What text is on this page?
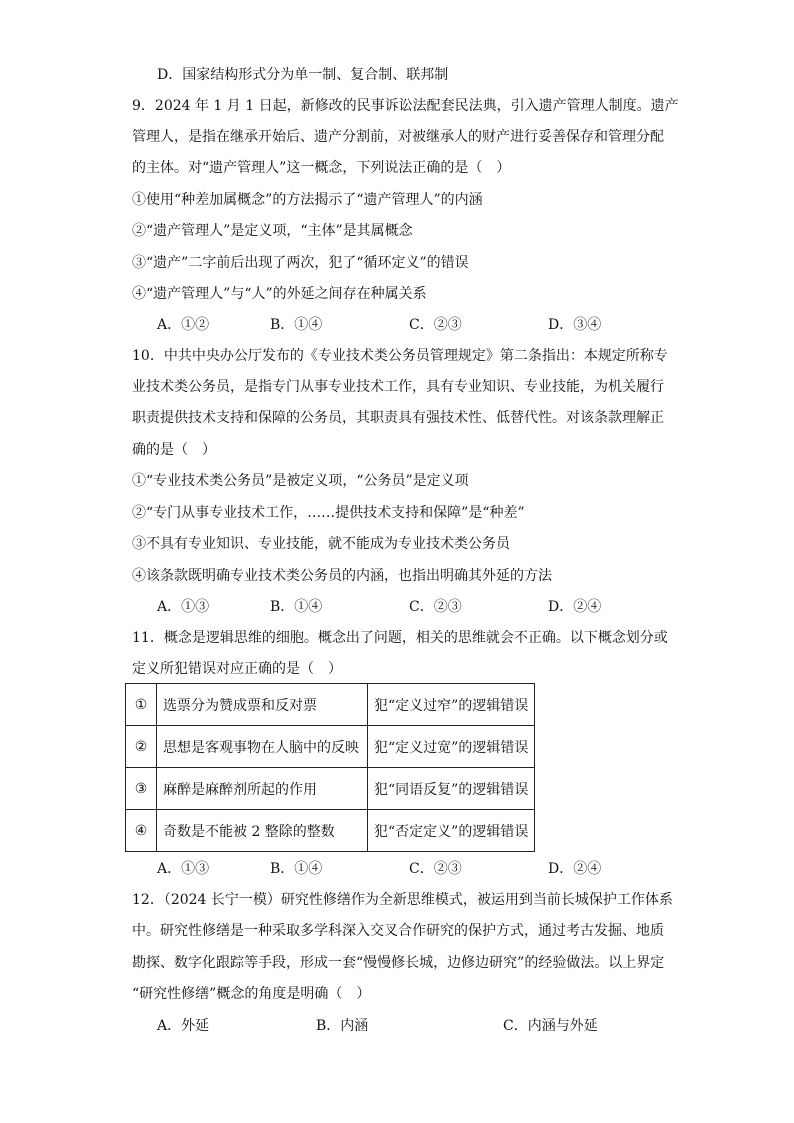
D．国家结构形式分为单一制、复合制、联邦制
9．2024 年 1 月 1 日起，新修改的民事诉讼法配套民法典，引入遗产管理人制度。遗产
管理人，是指在继承开始后、遗产分割前，对被继承人的财产进行妥善保存和管理分配
的主体。对“遗产管理人”这一概念，下列说法正确的是（　）
①使用“种差加属概念”的方法揭示了“遗产管理人”的内涵
②“遗产管理人”是定义项，“主体”是其属概念
③“遗产”二字前后出现了两次，犯了“循环定义”的错误
④“遗产管理人”与“人”的外延之间存在种属关系
A．①②	B．①④	C．②③	D．③④
10．中共中央办公厅发布的《专业技术类公务员管理规定》第二条指出：本规定所称专
业技术类公务员，是指专门从事专业技术工作，具有专业知识、专业技能，为机关履行
职责提供技术支持和保障的公务员，其职责具有强技术性、低替代性。对该条款理解正
确的是（　）
①“专业技术类公务员”是被定义项，“公务员”是定义项
②“专门从事专业技术工作，……提供技术支持和保障”是“种差”
③不具有专业知识、专业技能，就不能成为专业技术类公务员
④该条款既明确专业技术类公务员的内涵，也指出明确其外延的方法
A．①③	B．①④	C．②③	D．②④
11．概念是逻辑思维的细胞。概念出了问题，相关的思维就会不正确。以下概念划分或
定义所犯错误对应正确的是（　）
①	选票分为赞成票和反对票	犯“定义过窄”的逻辑错误
②	思想是客观事物在人脑中的反映	犯“定义过宽”的逻辑错误
③	麻醉是麻醉剂所起的作用	犯“同语反复”的逻辑错误
④	奇数是不能被 2 整除的整数	犯“否定定义”的逻辑错误
A．①③	B．①④	C．②③	D．②④
12．（2024 长宁一模）研究性修缮作为全新思维模式，被运用到当前长城保护工作体系
中。研究性修缮是一种采取多学科深入交叉合作研究的保护方式，通过考古发掘、地质
勘探、数字化跟踪等手段，形成一套“慢慢修长城，边修边研究”的经验做法。以上界定
“研究性修缮”概念的角度是明确（　）
A．外延	B．内涵	C．内涵与外延
